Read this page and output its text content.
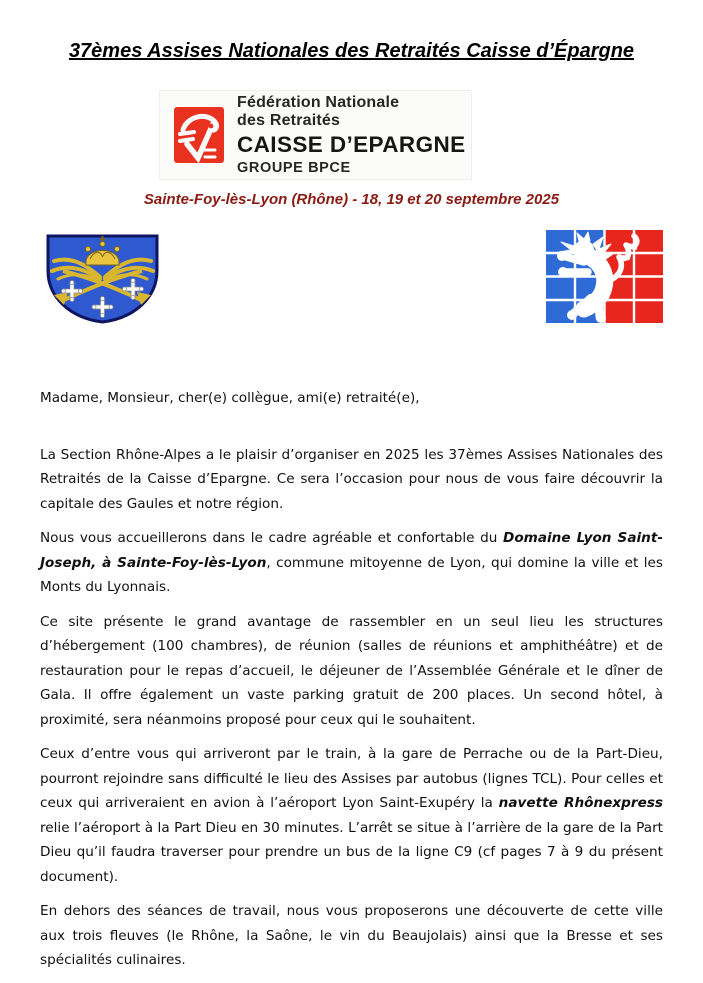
37èmes Assises Nationales des Retraités Caisse d’Épargne
Fédération Nationale
des Retraités
CAISSE D’EPARGNE
GROUPE BPCE
Sainte-Foy-lès-Lyon (Rhône) - 18, 19 et 20 septembre 2025

Madame, Monsieur, cher(e) collègue, ami(e) retraité(e),

La Section Rhône-Alpes a le plaisir d’organiser en 2025 les 37èmes Assises Nationales des Retraités de la Caisse d’Epargne. Ce sera l’occasion pour nous de vous faire découvrir la capitale des Gaules et notre région.

Nous vous accueillerons dans le cadre agréable et confortable du Domaine Lyon Saint-Joseph, à Sainte-Foy-lès-Lyon, commune mitoyenne de Lyon, qui domine la ville et les Monts du Lyonnais.

Ce site présente le grand avantage de rassembler en un seul lieu les structures d’hébergement (100 chambres), de réunion (salles de réunions et amphithéâtre) et de restauration pour le repas d’accueil, le déjeuner de l’Assemblée Générale et le dîner de Gala. Il offre également un vaste parking gratuit de 200 places. Un second hôtel, à proximité, sera néanmoins proposé pour ceux qui le souhaitent.

Ceux d’entre vous qui arriveront par le train, à la gare de Perrache ou de la Part-Dieu, pourront rejoindre sans difficulté le lieu des Assises par autobus (lignes TCL). Pour celles et ceux qui arriveraient en avion à l’aéroport Lyon Saint-Exupéry la navette Rhônexpress relie l’aéroport à la Part Dieu en 30 minutes. L’arrêt se situe à l’arrière de la gare de la Part Dieu qu’il faudra traverser pour prendre un bus de la ligne C9 (cf pages 7 à 9 du présent document).

En dehors des séances de travail, nous vous proposerons une découverte de cette ville aux trois fleuves (le Rhône, la Saône, le vin du Beaujolais) ainsi que la Bresse et ses spécialités culinaires.
